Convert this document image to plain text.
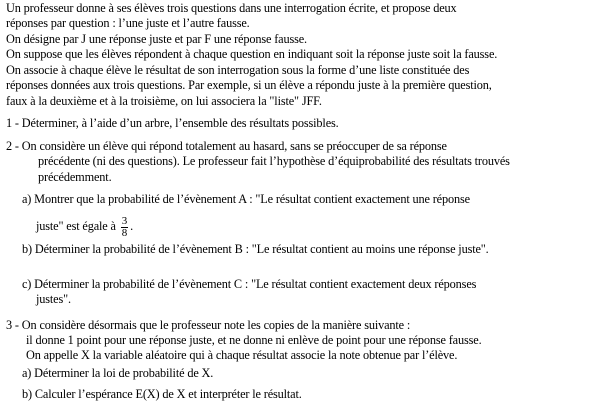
Un professeur donne à ses élèves trois questions dans une interrogation écrite, et propose deux
réponses par question : l’une juste et l’autre fausse.
On désigne par J une réponse juste et par F une réponse fausse.
On suppose que les élèves répondent à chaque question en indiquant soit la réponse juste soit la fausse.
On associe à chaque élève le résultat de son interrogation sous la forme d’une liste constituée des
réponses données aux trois questions. Par exemple, si un élève a répondu juste à la première question,
faux à la deuxième et à la troisième, on lui associera la "liste" JFF.
1 - Déterminer, à l’aide d’un arbre, l’ensemble des résultats possibles.
2 - On considère un élève qui répond totalement au hasard, sans se préoccuper de sa réponse
précédente (ni des questions). Le professeur fait l’hypothèse d’équiprobabilité des résultats trouvés
précédemment.
a) Montrer que la probabilité de l’évènement A : "Le résultat contient exactement une réponse
juste" est égale à $\frac{3}{8}$ .
b) Déterminer la probabilité de l’évènement B : "Le résultat contient au moins une réponse juste".
c) Déterminer la probabilité de l’évènement C : "Le résultat contient exactement deux réponses
justes".
3 - On considère désormais que le professeur note les copies de la manière suivante :
il donne 1 point pour une réponse juste, et ne donne ni enlève de point pour une réponse fausse.
On appelle X la variable aléatoire qui à chaque résultat associe la note obtenue par l’élève.
a) Déterminer la loi de probabilité de X.
b) Calculer l’espérance E(X) de X et interpréter le résultat.
